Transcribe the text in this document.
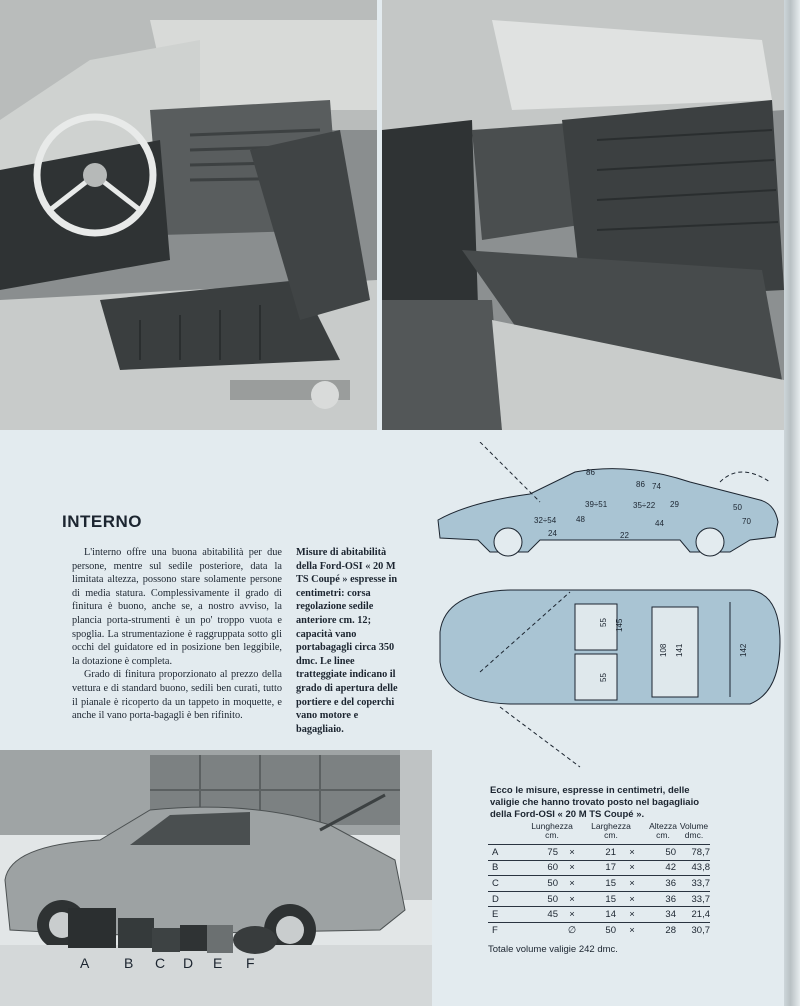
INTERNO

L'interno offre una buona abitabilità per due persone, mentre sul sedile posteriore, data la limitata altezza, possono stare solamente persone di media statura. Complessivamente il grado di finitura è buono, anche se, a nostro avviso, la plancia porta-strumenti è un po' troppo vuota e spoglia. La strumentazione è raggruppata sotto gli occhi del guidatore ed in posizione ben leggibile, la dotazione è completa.

Grado di finitura proporzionato al prezzo della vettura e di standard buono, sedili ben curati, tutto il pianale è ricoperto da un tappeto in moquette, e anche il vano porta-bagagli è ben rifinito.

Misure di abitabilità della Ford-OSI « 20 M TS Coupé » espresse in centimetri: corsa regolazione sedile anteriore cm. 12; capacità vano portabagagli circa 350 dmc. Le linee tratteggiate indicano il grado di apertura delle portiere e del coperchi vano motore e bagagliaio.
86
86 74
39÷51	35÷22 29
48	44
32÷54
24	22
50
70
55 145
108 141
55
142
A B C D E F
Ecco le misure, espresse in centimetri, delle valigie che hanno trovato posto nel bagagliaio della Ford-OSI « 20 M TS Coupé ».
Lunghezza cm.
Larghezza cm.
Altezza cm.
Volume dmc.
A	75	×	21	×	50	78,7
B	60	×	17	×	42	43,8
C	50	×	15	×	36	33,7
D	50	×	15	×	36	33,7
E	45	×	14	×	34	21,4
F	∅	50	×	28	30,7
Totale volume valigie 242 dmc.
